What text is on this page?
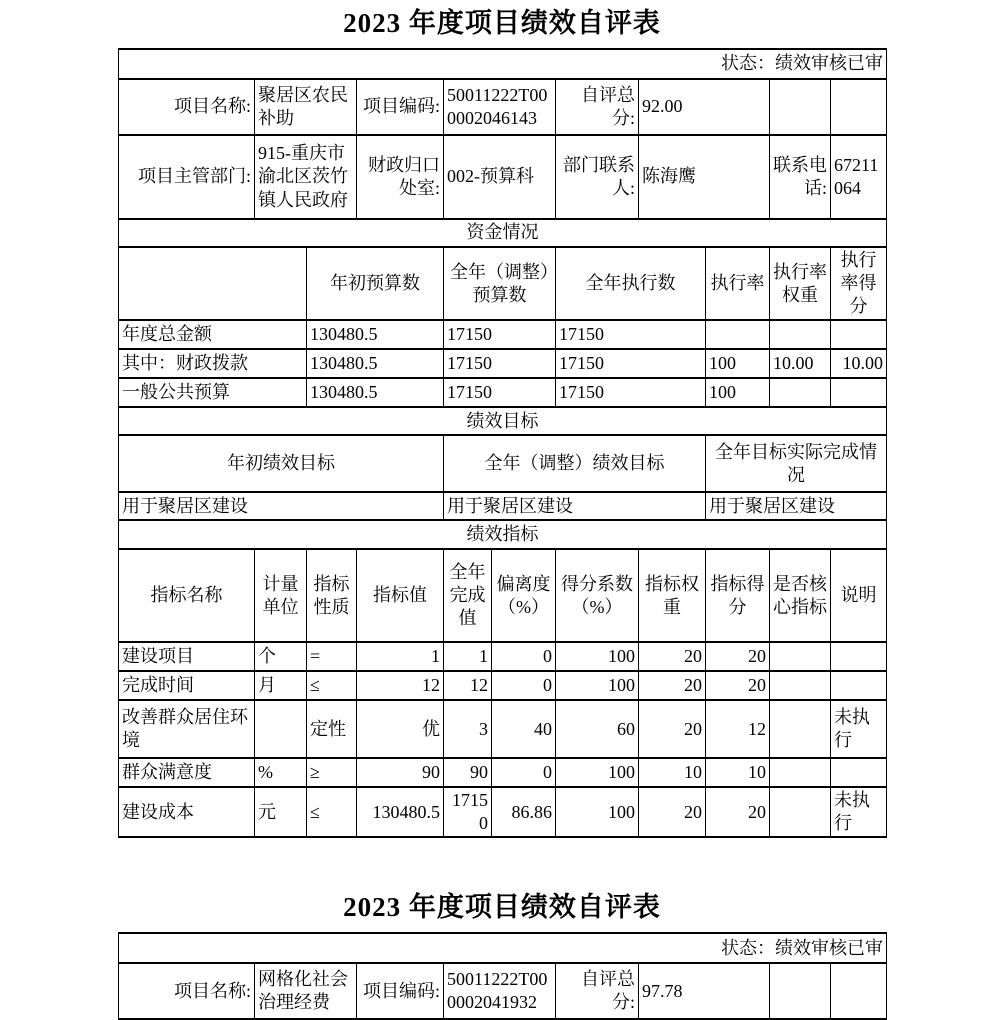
2023 年度项目绩效自评表
状态：绩效审核已审										
项目名称:	聚居区农民补助		项目编码:	50011222T000002046143		自评总分:	92.00			
项目主管部门:	915-重庆市渝北区茨竹镇人民政府		财政归口处室:	002-预算科		部门联系人:	陈海鹰		联系电话:	67211064
资金情况										
		年初预算数		全年（调整）预算数		全年执行数		执行率	执行率权重	执行率得分
年度总金额		130480.5		17150		17150				
其中：财政拨款		130480.5		17150		17150		100	10.00	10.00
一般公共预算		130480.5		17150		17150		100		
绩效目标										
年初绩效目标				全年（调整）绩效目标				全年目标实际完成情况		
用于聚居区建设				用于聚居区建设				用于聚居区建设		
绩效指标										
指标名称	计量单位	指标性质	指标值	全年完成值	偏离度（%）	得分系数（%）	指标权重	指标得分	是否核心指标	说明
建设项目	个	=	1	1	0	100	20	20		
完成时间	月	≤	12	12	0	100	20	20		
改善群众居住环境		定性	优	3	40	60	20	12		未执行
群众满意度	%	≥	90	90	0	100	10	10		
建设成本	元	≤	130480.5	17150	86.86	100	20	20		未执行
2023 年度项目绩效自评表
状态：绩效审核已审
项目名称:	网格化社会治理经费	项目编码:	50011222T000002041932	自评总分:	97.78		
